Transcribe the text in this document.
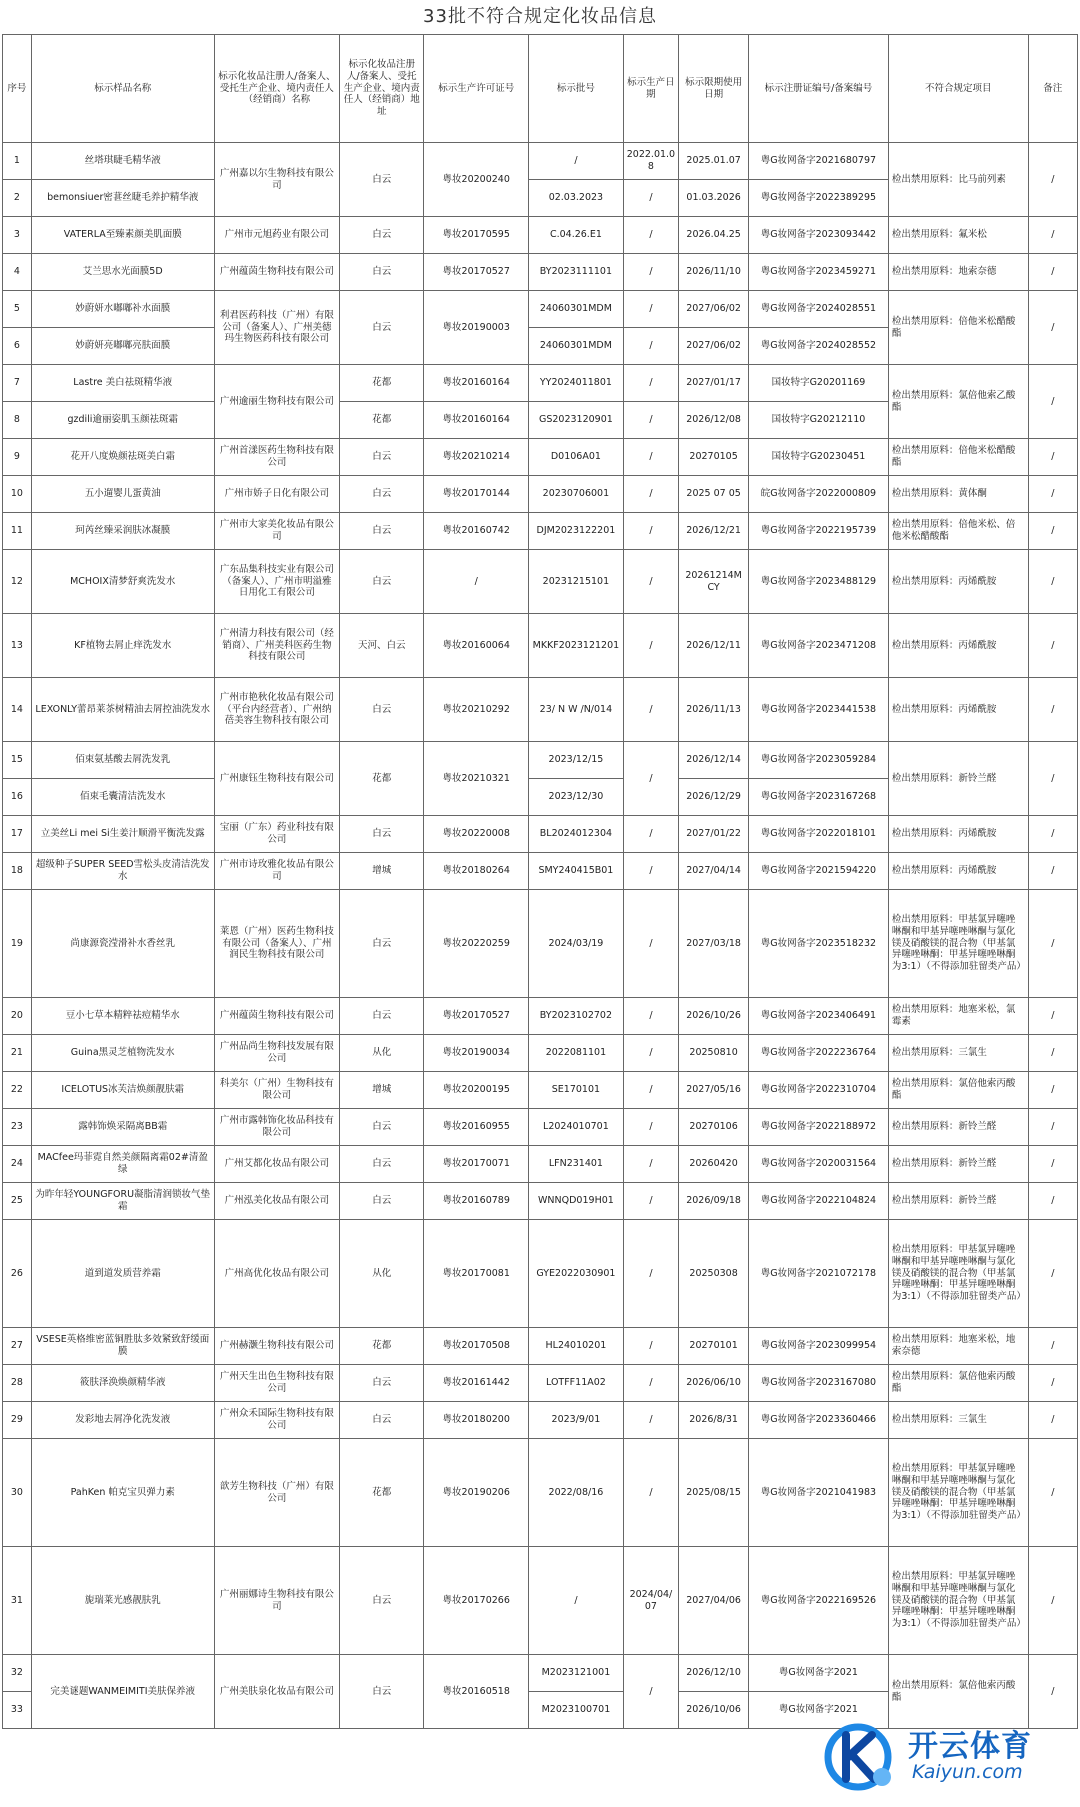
33批不符合规定化妆品信息
序号	标示样品名称	标示化妆品注册人/备案人、受托生产企业、境内责任人（经销商）名称	标示化妆品注册人/备案人、受托生产企业、境内责任人（经销商）地址	标示生产许可证号	标示批号	标示生产日期	标示限期使用日期	标示注册证编号/备案编号	不符合规定项目	备注
1	丝塔琪睫毛精华液	广州嘉以尔生物科技有限公司	白云	粤妆20200240	/	2022.01.08	2025.01.07	粤G妆网备字2021680797	检出禁用原料：比马前列素	/
2	bemonsiuer密葚丝睫毛养护精华液				02.03.2023	/	01.03.2026	粤G妆网备字2022389295		
3	VATERLA至臻素颜美肌面膜	广州市元旭药业有限公司	白云	粤妆20170595	C.04.26.E1	/	2026.04.25	粤G妆网备字2023093442	检出禁用原料：氟米松	/
4	艾兰思水光面膜5D	广州蕴茵生物科技有限公司	白云	粤妆20170527	BY2023111101	/	2026/11/10	粤G妆网备字2023459271	检出禁用原料：地索奈德	/
5	妙蔚妍水嘟嘟补水面膜	利君医药科技（广州）有限公司（备案人）、广州美德玛生物医药科技有限公司	白云	粤妆20190003	24060301MDM	/	2027/06/02	粤G妆网备字2024028551	检出禁用原料：倍他米松醋酸酯	/
6	妙蔚妍亮嘟嘟亮肤面膜				24060301MDM	/	2027/06/02	粤G妆网备字2024028552		
7	Lastre 美白祛斑精华液	广州逾丽生物科技有限公司	花都	粤妆20160164	YY2024011801	/	2027/01/17	国妆特字G20201169	检出禁用原料：氯倍他索乙酸酯	/
8	gzdili逾丽姿肌玉颜祛斑霜		花都	粤妆20160164	GS2023120901	/	2026/12/08	国妆特字G20212110		
9	花开八度焕颜祛斑美白霜	广州首漾医药生物科技有限公司	白云	粤妆20210214	D0106A01	/	20270105	国妆特字G20230451	检出禁用原料：倍他米松醋酸酯	/
10	五小遛婴儿蛋黄油	广州市娇子日化有限公司	白云	粤妆20170144	20230706001	/	2025 07 05	皖G妆网备字2022000809	检出禁用原料：黄体酮	/
11	珂芮丝臻采润肤冰凝膜	广州市大家美化妆品有限公司	白云	粤妆20160742	DJM2023122201	/	2026/12/21	粤G妆网备字2022195739	检出禁用原料：倍他米松、倍他米松醋酸酯	/
12	MCHOIX清梦舒爽洗发水	广东品集科技实业有限公司（备案人）、广州市明溢雅日用化工有限公司	白云	/	20231215101	/	20261214MCY	粤G妆网备字2023488129	检出禁用原料：丙烯酰胺	/
13	KF植物去屑止痒洗发水	广州清力科技有限公司（经销商）、广州美科医药生物科技有限公司	天河、白云	粤妆20160064	MKKF2023121201	/	2026/12/11	粤G妆网备字2023471208	检出禁用原料：丙烯酰胺	/
14	LEXONLY蕾昂莱茶树精油去屑控油洗发水	广州市艳秋化妆品有限公司（平台内经营者）、广州纳蓓美容生物科技有限公司	白云	粤妆20210292	23/ N W /N/014	/	2026/11/13	粤G妆网备字2023441538	检出禁用原料：丙烯酰胺	/
15	佰束氨基酸去屑洗发乳	广州康钰生物科技有限公司	花都	粤妆20210321	2023/12/15	/	2026/12/14	粤G妆网备字2023059284	检出禁用原料：新铃兰醛	/
16	佰束毛囊清洁洗发水				2023/12/30		2026/12/29	粤G妆网备字2023167268		
17	立美丝Li mei Si生姜汁顺滑平衡洗发露	宝丽（广东）药业科技有限公司	白云	粤妆20220008	BL2024012304	/	2027/01/22	粤G妆网备字2022018101	检出禁用原料：丙烯酰胺	/
18	超级种子SUPER SEED雪松头皮清洁洗发水	广州市诗玫雅化妆品有限公司	增城	粤妆20180264	SMY240415B01	/	2027/04/14	粤G妆网备字2021594220	检出禁用原料：丙烯酰胺	/
19	尚康源瓷滢滑补水香丝乳	莱恩（广州）医药生物科技有限公司（备案人）、广州润民生物科技有限公司	白云	粤妆20220259	2024/03/19	/	2027/03/18	粤G妆网备字2023518232	检出禁用原料：甲基氯异噻唑啉酮和甲基异噻唑啉酮与氯化镁及硝酸镁的混合物（甲基氯异噻唑啉酮：甲基异噻唑啉酮为3:1）（不得添加驻留类产品）	/
20	豆小七草本精粹祛痘精华水	广州蕴茵生物科技有限公司	白云	粤妆20170527	BY2023102702	/	2026/10/26	粤G妆网备字2023406491	检出禁用原料：地塞米松，氯霉素	/
21	Guina黑灵芝植物洗发水	广州品尚生物科技发展有限公司	从化	粤妆20190034	2022081101	/	20250810	粤G妆网备字2022236764	检出禁用原料：三氯生	/
22	ICELOTUS冰芙洁焕颜靓肤霜	科美尔（广州）生物科技有限公司	增城	粤妆20200195	SE170101	/	2027/05/16	粤G妆网备字2022310704	检出禁用原料：氯倍他索丙酸酯	/
23	露韩饰焕采隔离BB霜	广州市露韩饰化妆品科技有限公司	白云	粤妆20160955	L2024010701	/	20270106	粤G妆网备字2022188972	检出禁用原料：新铃兰醛	/
24	MACfee玛菲霓自然美颜隔离霜02#清盈绿	广州艾都化妆品有限公司	白云	粤妆20170071	LFN231401	/	20260420	粤G妆网备字2020031564	检出禁用原料：新铃兰醛	/
25	为昨年轻YOUNGFORU凝脂清润锁妆气垫霜	广州泓美化妆品有限公司	白云	粤妆20160789	WNNQD019H01	/	2026/09/18	粤G妆网备字2022104824	检出禁用原料：新铃兰醛	/
26	道到道发质营养霜	广州高优化妆品有限公司	从化	粤妆20170081	GYE2022030901	/	20250308	粤G妆网备字2021072178	检出禁用原料：甲基氯异噻唑啉酮和甲基异噻唑啉酮与氯化镁及硝酸镁的混合物（甲基氯异噻唑啉酮：甲基异噻唑啉酮为3:1）（不得添加驻留类产品）	/
27	VSESE英格维密蓝铜胜肽多效紧致舒缓面膜	广州赫灏生物科技有限公司	花都	粤妆20170508	HL24010201	/	20270101	粤G妆网备字2023099954	检出禁用原料：地塞米松，地索奈德	/
28	筱肤泽涣焕颜精华液	广州天生出色生物科技有限公司	白云	粤妆20161442	LOTFF11A02	/	2026/06/10	粤G妆网备字2023167080	检出禁用原料：氯倍他索丙酸酯	/
29	发彩地去屑净化洗发液	广州众禾国际生物科技有限公司	白云	粤妆20180200	2023/9/01	/	2026/8/31	粤G妆网备字2023360466	检出禁用原料：三氯生	/
30	PahKen 帕克宝贝弹力素	歆芳生物科技（广州）有限公司	花都	粤妆20190206	2022/08/16	/	2025/08/15	粤G妆网备字2021041983	检出禁用原料：甲基氯异噻唑啉酮和甲基异噻唑啉酮与氯化镁及硝酸镁的混合物（甲基氯异噻唑啉酮：甲基异噻唑啉酮为3:1）（不得添加驻留类产品）	/
31	旎瑞莱光感靓肤乳	广州丽娜诗生物科技有限公司	白云	粤妆20170266	/	2024/04/07	2027/04/06	粤G妆网备字2022169526	检出禁用原料：甲基氯异噻唑啉酮和甲基异噻唑啉酮与氯化镁及硝酸镁的混合物（甲基氯异噻唑啉酮：甲基异噻唑啉酮为3:1）（不得添加驻留类产品）	/
32	完美谜题WANMEIMITI美肤保养液	广州美肤泉化妆品有限公司	白云	粤妆20160518	M2023121001	/	2026/12/10	粤G妆网备字2021	检出禁用原料：氯倍他索丙酸酯	/
33					M2023100701		2026/10/06	粤G妆网备字2021		
开云体育
Kaiyun.com
